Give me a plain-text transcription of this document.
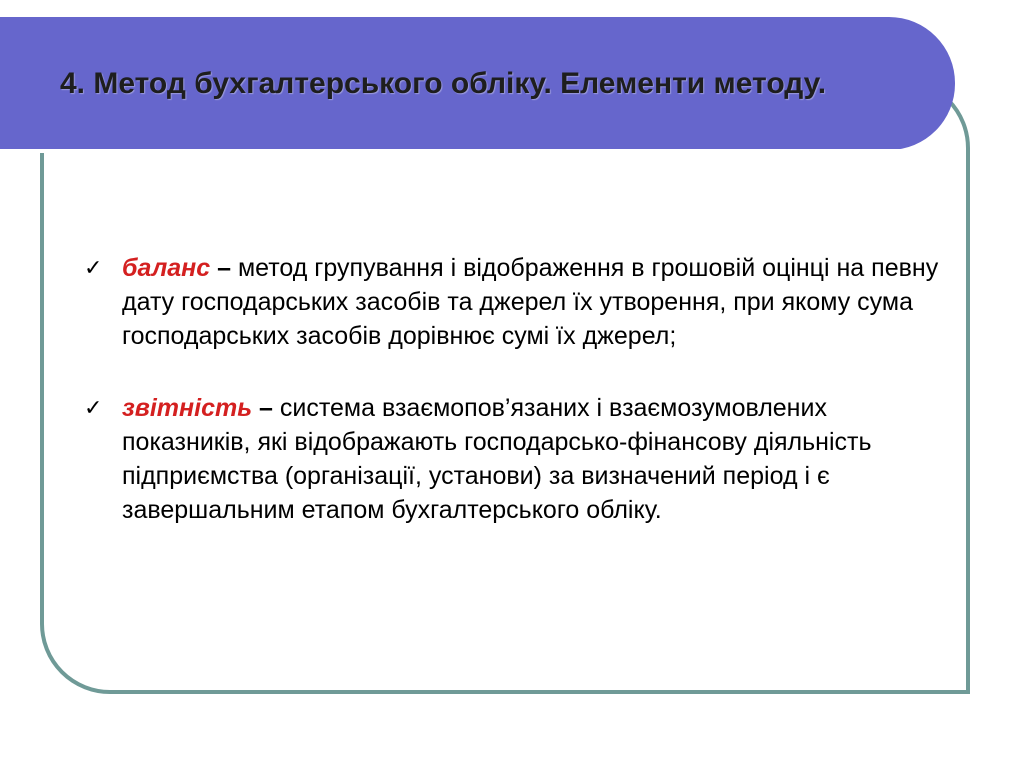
4. Метод бухгалтерського обліку. Елементи методу.
✓ баланс – метод групування і відображення в грошовій оцінці на певну дату господарських засобів та джерел їх утворення, при якому сума господарських засобів дорівнює сумі їх джерел;
✓ звітність – система взаємопов’язаних і взаємозумовлених показників, які відображають господарсько-фінансову діяльність підприємства (організації, установи) за визначений період і є завершальним етапом бухгалтерського обліку.
